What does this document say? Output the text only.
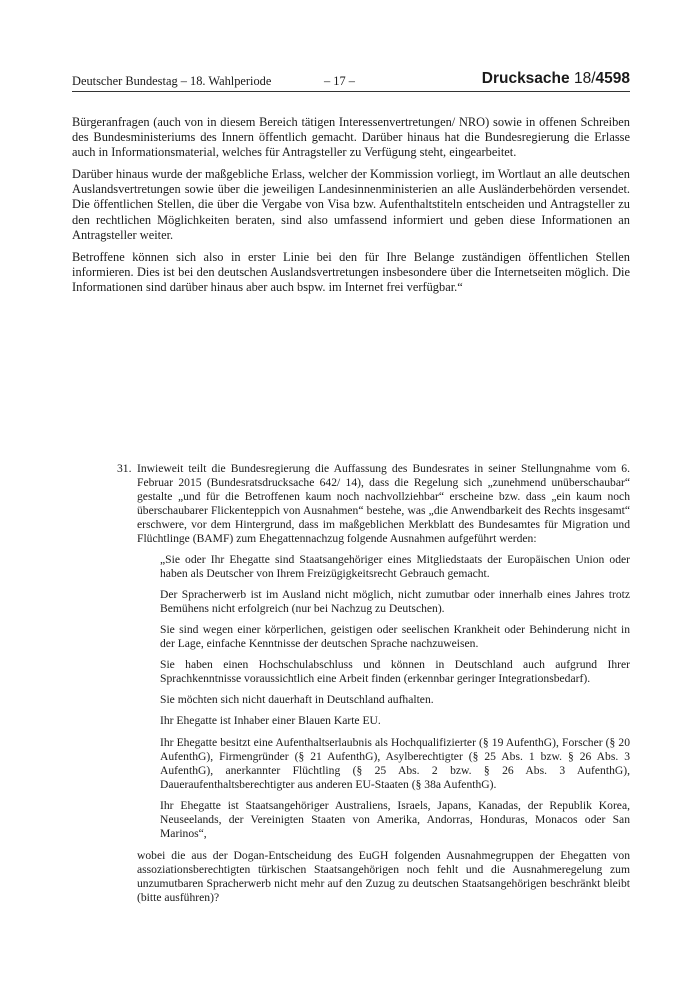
Deutscher Bundestag – 18. Wahlperiode	– 17 –	Drucksache 18/4598

Bürgeranfragen (auch von in diesem Bereich tätigen Interessenvertretungen/ NRO) sowie in offenen Schreiben des Bundesministeriums des Innern öffentlich gemacht. Darüber hinaus hat die Bundesregierung die Erlasse auch in Informationsmaterial, welches für Antragsteller zu Verfügung steht, eingearbeitet.

Darüber hinaus wurde der maßgebliche Erlass, welcher der Kommission vorliegt, im Wortlaut an alle deutschen Auslandsvertretungen sowie über die jeweiligen Landesinnenministerien an alle Ausländerbehörden versendet. Die öffentlichen Stellen, die über die Vergabe von Visa bzw. Aufenthaltstiteln entscheiden und Antragsteller zu den rechtlichen Möglichkeiten beraten, sind also umfassend informiert und geben diese Informationen an Antragsteller weiter.

Betroffene können sich also in erster Linie bei den für Ihre Belange zuständigen öffentlichen Stellen informieren. Dies ist bei den deutschen Auslandsvertretungen insbesondere über die Internetseiten möglich. Die Informationen sind darüber hinaus aber auch bspw. im Internet frei verfügbar.“

31. Inwieweit teilt die Bundesregierung die Auffassung des Bundesrates in seiner Stellungnahme vom 6. Februar 2015 (Bundesratsdrucksache 642/ 14), dass die Regelung sich „zunehmend unüberschaubar“ gestalte „und für die Betroffenen kaum noch nachvollziehbar“ erscheine bzw. dass „ein kaum noch überschaubarer Flickenteppich von Ausnahmen“ bestehe, was „die Anwendbarkeit des Rechts insgesamt“ erschwere, vor dem Hintergrund, dass im maßgeblichen Merkblatt des Bundesamtes für Migration und Flüchtlinge (BAMF) zum Ehegattennachzug folgende Ausnahmen aufgeführt werden:

„Sie oder Ihr Ehegatte sind Staatsangehöriger eines Mitgliedstaats der Europäischen Union oder haben als Deutscher von Ihrem Freizügigkeitsrecht Gebrauch gemacht.

Der Spracherwerb ist im Ausland nicht möglich, nicht zumutbar oder innerhalb eines Jahres trotz Bemühens nicht erfolgreich (nur bei Nachzug zu Deutschen).

Sie sind wegen einer körperlichen, geistigen oder seelischen Krankheit oder Behinderung nicht in der Lage, einfache Kenntnisse der deutschen Sprache nachzuweisen.

Sie haben einen Hochschulabschluss und können in Deutschland auch aufgrund Ihrer Sprachkenntnisse voraussichtlich eine Arbeit finden (erkennbar geringer Integrationsbedarf).

Sie möchten sich nicht dauerhaft in Deutschland aufhalten.

Ihr Ehegatte ist Inhaber einer Blauen Karte EU.

Ihr Ehegatte besitzt eine Aufenthaltserlaubnis als Hochqualifizierter (§ 19 AufenthG), Forscher (§ 20 AufenthG), Firmengründer (§ 21 AufenthG), Asylberechtigter (§ 25 Abs. 1 bzw. § 26 Abs. 3 AufenthG), anerkannter Flüchtling (§ 25 Abs. 2 bzw. § 26 Abs. 3 AufenthG), Daueraufenthaltsberechtigter aus anderen EU-Staaten (§ 38a AufenthG).

Ihr Ehegatte ist Staatsangehöriger Australiens, Israels, Japans, Kanadas, der Republik Korea, Neuseelands, der Vereinigten Staaten von Amerika, Andorras, Honduras, Monacos oder San Marinos“,

wobei die aus der Dogan-Entscheidung des EuGH folgenden Ausnahmegruppen der Ehegatten von assoziationsberechtigten türkischen Staatsangehörigen noch fehlt und die Ausnahmeregelung zum unzumutbaren Spracherwerb nicht mehr auf den Zuzug zu deutschen Staatsangehörigen beschränkt bleibt (bitte ausführen)?
